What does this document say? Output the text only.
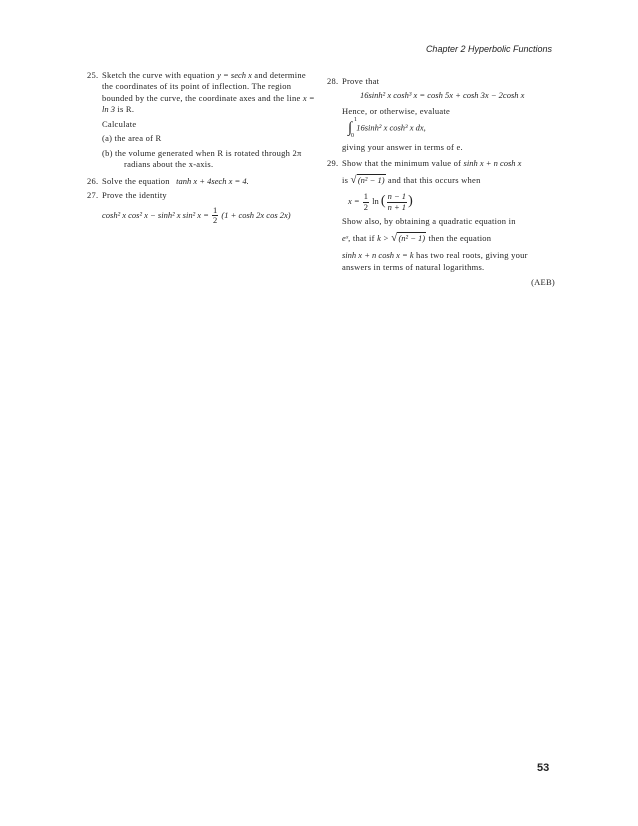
Chapter 2 Hyperbolic Functions
25. Sketch the curve with equation y = sech x and determine the coordinates of its point of inflection. The region bounded by the curve, the coordinate axes and the line x = ln 3 is R.
Calculate
(a) the area of R
(b) the volume generated when R is rotated through 2π radians about the x-axis.
26. Solve the equation tanh x + 4sech x = 4.
27. Prove the identity
cosh² x cos² x − sinh² x sin² $x = \frac{1}{2} (1 + \cosh 2x$ cos 2x)
28. Prove that
16sinh² x cosh³ x = cosh 5x + cosh 3x − 2cosh x
Hence, or otherwise, evaluate
∫ 1
0
16sinh² x cosh³ x dx,
giving your answer in terms of e.
29. Show that the minimum value of sinh x + n cosh x
is √(n² − 1) and that this occurs when
$x = \frac{1}{2}$ ln ( $\frac{n - 1}{n + 1}$ )
Show also, by obtaining a quadratic equation in
eˣ, that if k > √(n² − 1) then the equation
sinh x + n cosh x = k has two real roots, giving your answers in terms of natural logarithms.
(AEB)
53
